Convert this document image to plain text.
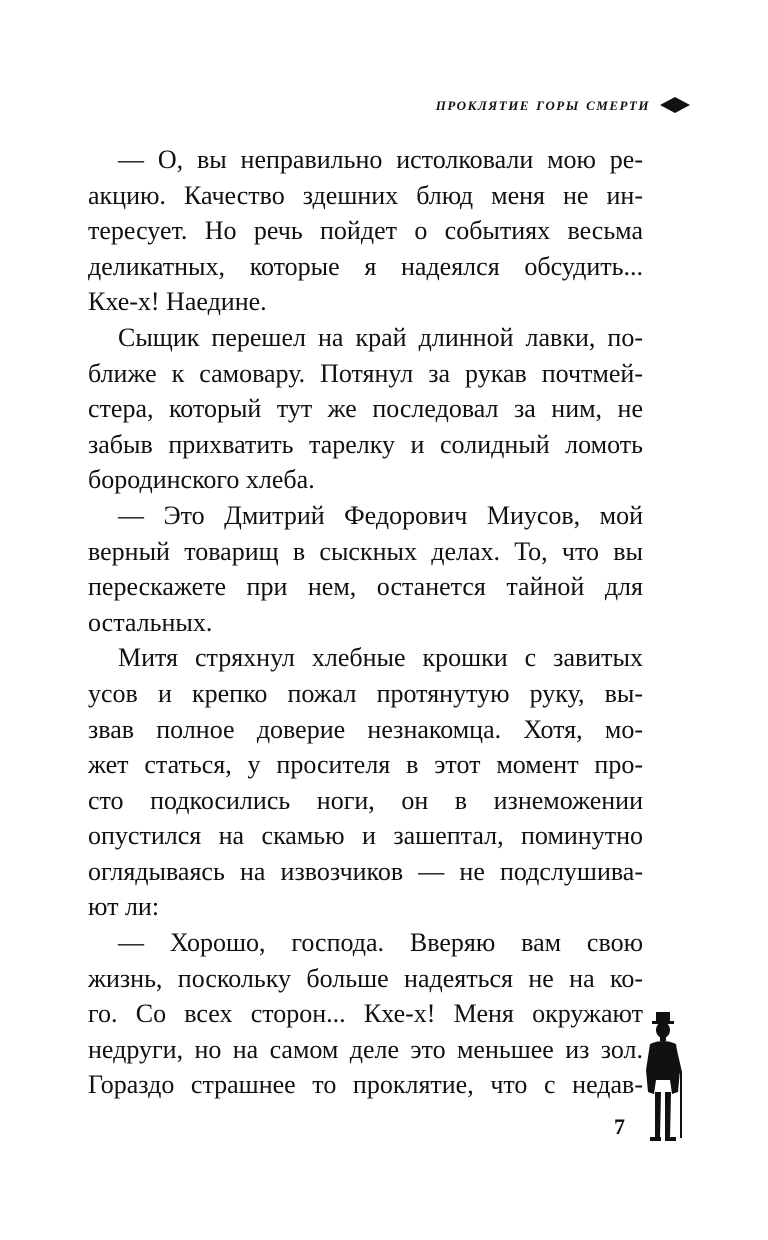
проклятие горы смерти
— О, вы неправильно истолковали мою ре-
акцию. Качество здешних блюд меня не ин-
тересует. Но речь пойдет о событиях весьма
деликатных, которые я надеялся обсудить...
Кхе-х! Наедине.
Сыщик перешел на край длинной лавки, по-
ближе к самовару. Потянул за рукав почтмей-
стера, который тут же последовал за ним, не
забыв прихватить тарелку и солидный ломоть
бородинского хлеба.
— Это Дмитрий Федорович Миусов, мой
верный товарищ в сыскных делах. То, что вы
перескажете при нем, останется тайной для
остальных.
Митя стряхнул хлебные крошки с завитых
усов и крепко пожал протянутую руку, вы-
звав полное доверие незнакомца. Хотя, мо-
жет статься, у просителя в этот момент про-
сто подкосились ноги, он в изнеможении
опустился на скамью и зашептал, поминутно
оглядываясь на извозчиков — не подслушива-
ют ли:
— Хорошо, господа. Вверяю вам свою
жизнь, поскольку больше надеяться не на ко-
го. Со всех сторон... Кхе-х! Меня окружают
недруги, но на самом деле это меньшее из зол.
Гораздо страшнее то проклятие, что с недав-
7
